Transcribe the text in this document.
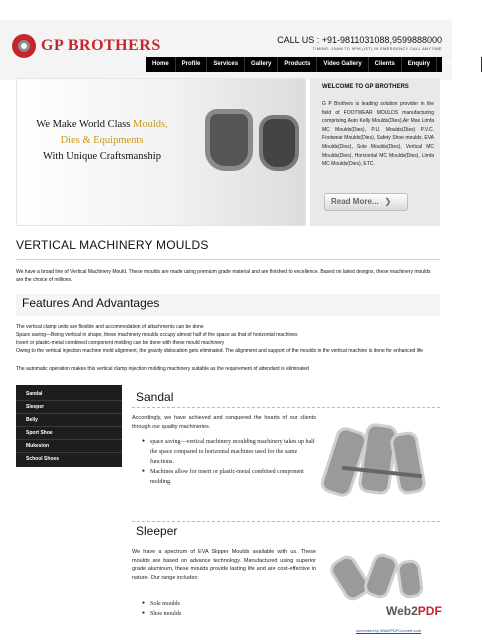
GP BROTHERS	CALL US : +91-9811031088,9599888000
TIMING: 10AM TO 9PM (IST) IN EMERGENCY CALL ANYTIME
Home	Profile	Services	Gallery	Products	Video Gallery	Clients	Enquiry	Contact Us
We Make World Class Moulds,
Dies & Equipments
With Unique Craftsmanship
WELCOME TO GP BROTHERS
G P Brothers is leading solution provider in the field of FOOTWEAR MOULDS manufacturing comprising Auto Kelly Moulds(Dies),Air Max Limfa MC Moulds(Dies), P.U. Moulds(Dies) P.V.C. Footwear Moulds(Dies), Safety Shoe moulds, EVA Moulds(Dies), Sole Moulds(Dies), Vertical MC Moulds(Dies), Horizontal MC Moulds(Dies), Limfa MC Moulds(Dies), ETC.
Read More... ❯
VERTICAL MACHINERY MOULDS
We have a broad line of Vertical Machinery Mould. These moulds are made using premium grade material and are finished to excellence. Based on latest designs, these machinery moulds are the choice of millions.
Features And Advantages
The vertical clamp units are flexible and accommodation of attachments can be done
Space saving—Being vertical in shape, these machinery moulds occupy almost half of the space as that of horizontal machines
Insert or plastic-metal combined component molding can be done with these mould machinery
Owing to the vertical injection machine mold alignment, the gravity dislocation gets eliminated. The alignment and support of the moulds in the vertical machine is done for enhanced life
The automatic operation makes this vertical clamp injection molding machinery suitable as the requirement of attendant is eliminated
Sandal
Sleeper
Belly
Sport Shoe
Mukesion
School Shoes
Sandal
Accordingly, we have achieved and conquered the hearts of our clients through our quality machineries.
● space saving—vertical machinery moulding machinery takes up half the space compared to horizontal machines used for the same functions.
● Machines allow for insert or plastic-metal combined component molding.
Sleeper
We have a spectrum of EVA Slipper Moulds available with us. These moulds are based on advance technology. Manufactured using superior grade aluminum, these moulds provide lasting life and are cost-effective in nature. Our range includes:
● Sole moulds
● Shoe moulds	Web2PDF
converted by Web2PDFConvert.com
